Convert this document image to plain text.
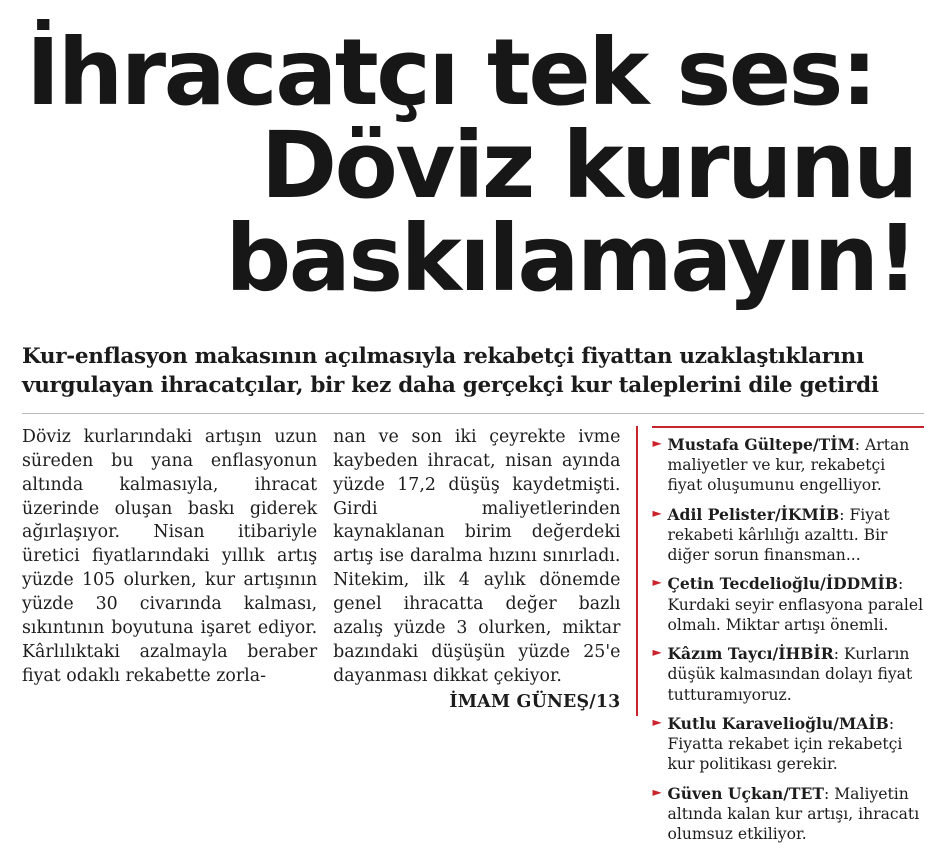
İhracatçı tek ses:
Döviz kurunu
baskılamayın!
Kur-enflasyon makasının açılmasıyla rekabetçi fiyattan uzaklaştıklarını
vurgulayan ihracatçılar, bir kez daha gerçekçi kur taleplerini dile getirdi
Döviz kurlarındaki artışın uzun süreden bu yana enflasyonun altında kalmasıyla, ihracat üzerinde oluşan baskı giderek ağırlaşıyor. Nisan itibariyle üretici fiyatlarındaki yıllık artış yüzde 105 olurken, kur artışının yüzde 30 civarında kalması, sıkıntının boyutuna işaret ediyor. Kârlılıktaki azalmayla beraber fiyat odaklı rekabette zorla-
nan ve son iki çeyrekte ivme kaybeden ihracat, nisan ayında yüzde 17,2 düşüş kaydetmişti. Girdi maliyetlerinden kaynaklanan birim değerdeki artış ise daralma hızını sınırladı. Nitekim, ilk 4 aylık dönemde genel ihracatta değer bazlı azalış yüzde 3 olurken, miktar bazındaki düşüşün yüzde 25'e dayanması dikkat çekiyor.
İMAM GÜNEŞ/13
► Mustafa Gültepe/TİM: Artan maliyetler ve kur, rekabetçi fiyat oluşumunu engelliyor.
► Adil Pelister/İKMİB: Fiyat rekabeti kârlılığı azalttı. Bir diğer sorun finansman...
► Çetin Tecdelioğlu/İDDMİB: Kurdaki seyir enflasyona paralel olmalı. Miktar artışı önemli.
► Kâzım Taycı/İHBİR: Kurların düşük kalmasından dolayı fiyat tutturamıyoruz.
► Kutlu Karavelioğlu/MAİB: Fiyatta rekabet için rekabetçi kur politikası gerekir.
► Güven Uçkan/TET: Maliyetin altında kalan kur artışı, ihracatı olumsuz etkiliyor.
